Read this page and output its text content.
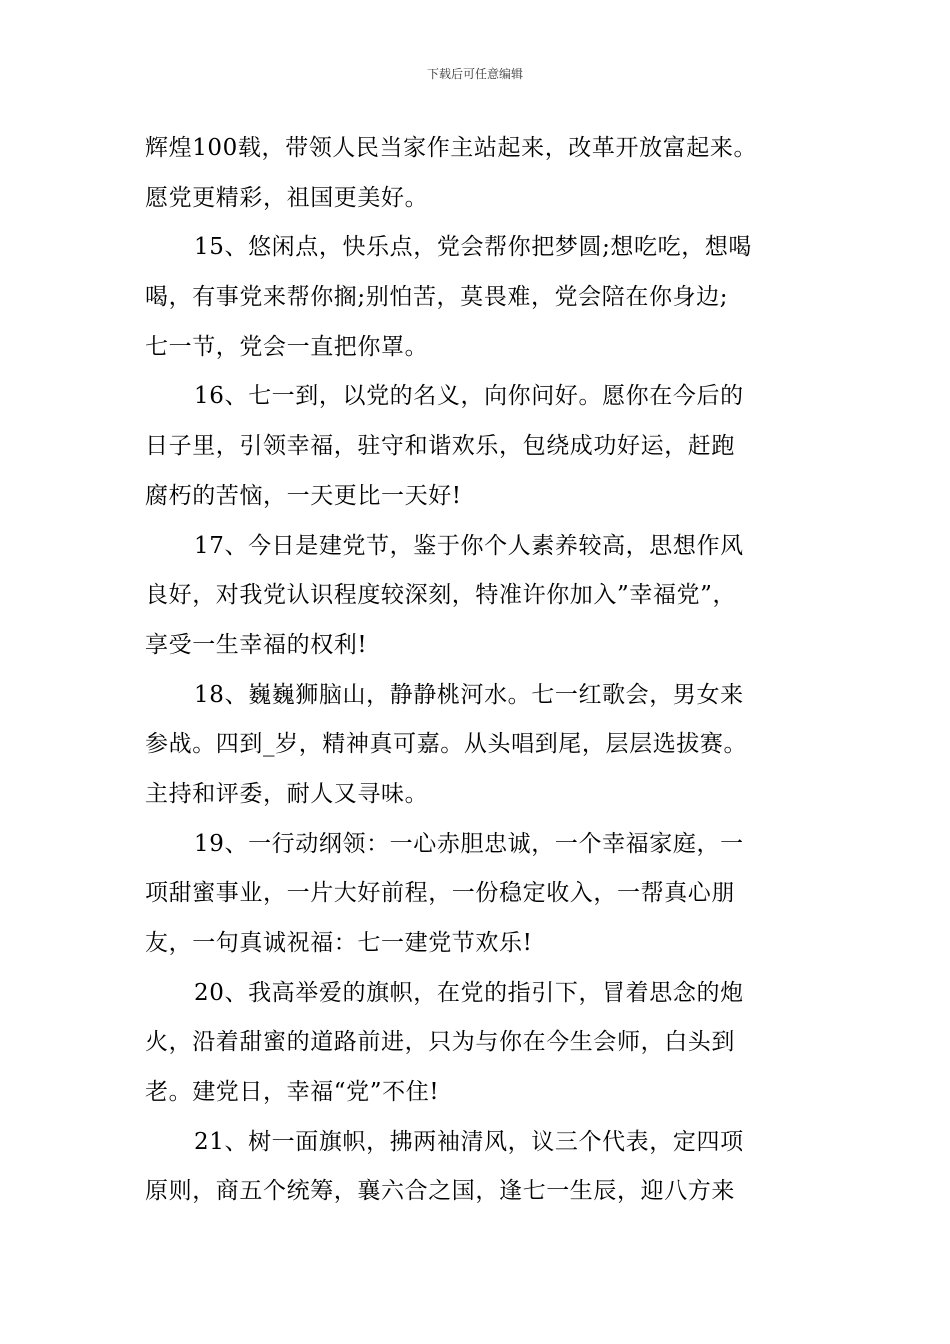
下载后可任意编辑
辉煌100载，带领人民当家作主站起来，改革开放富起来。
愿党更精彩，祖国更美好。
15、悠闲点，快乐点，党会帮你把梦圆;想吃吃，想喝
喝，有事党来帮你搁;别怕苦，莫畏难，党会陪在你身边;
七一节，党会一直把你罩。
16、七一到，以党的名义，向你问好。愿你在今后的
日子里，引领幸福，驻守和谐欢乐，包绕成功好运，赶跑
腐朽的苦恼，一天更比一天好!
17、今日是建党节，鉴于你个人素养较高，思想作风
良好，对我党认识程度较深刻，特准许你加入”幸福党”，
享受一生幸福的权利!
18、巍巍狮脑山，静静桃河水。七一红歌会，男女来
参战。四到_岁，精神真可嘉。从头唱到尾，层层选拔赛。
主持和评委，耐人又寻味。
19、一行动纲领：一心赤胆忠诚，一个幸福家庭，一
项甜蜜事业，一片大好前程，一份稳定收入，一帮真心朋
友，一句真诚祝福：七一建党节欢乐!
20、我高举爱的旗帜，在党的指引下，冒着思念的炮
火，沿着甜蜜的道路前进，只为与你在今生会师，白头到
老。建党日，幸福“党”不住!
21、树一面旗帜，拂两袖清风，议三个代表，定四项
原则，商五个统筹，襄六合之国，逢七一生辰，迎八方来
